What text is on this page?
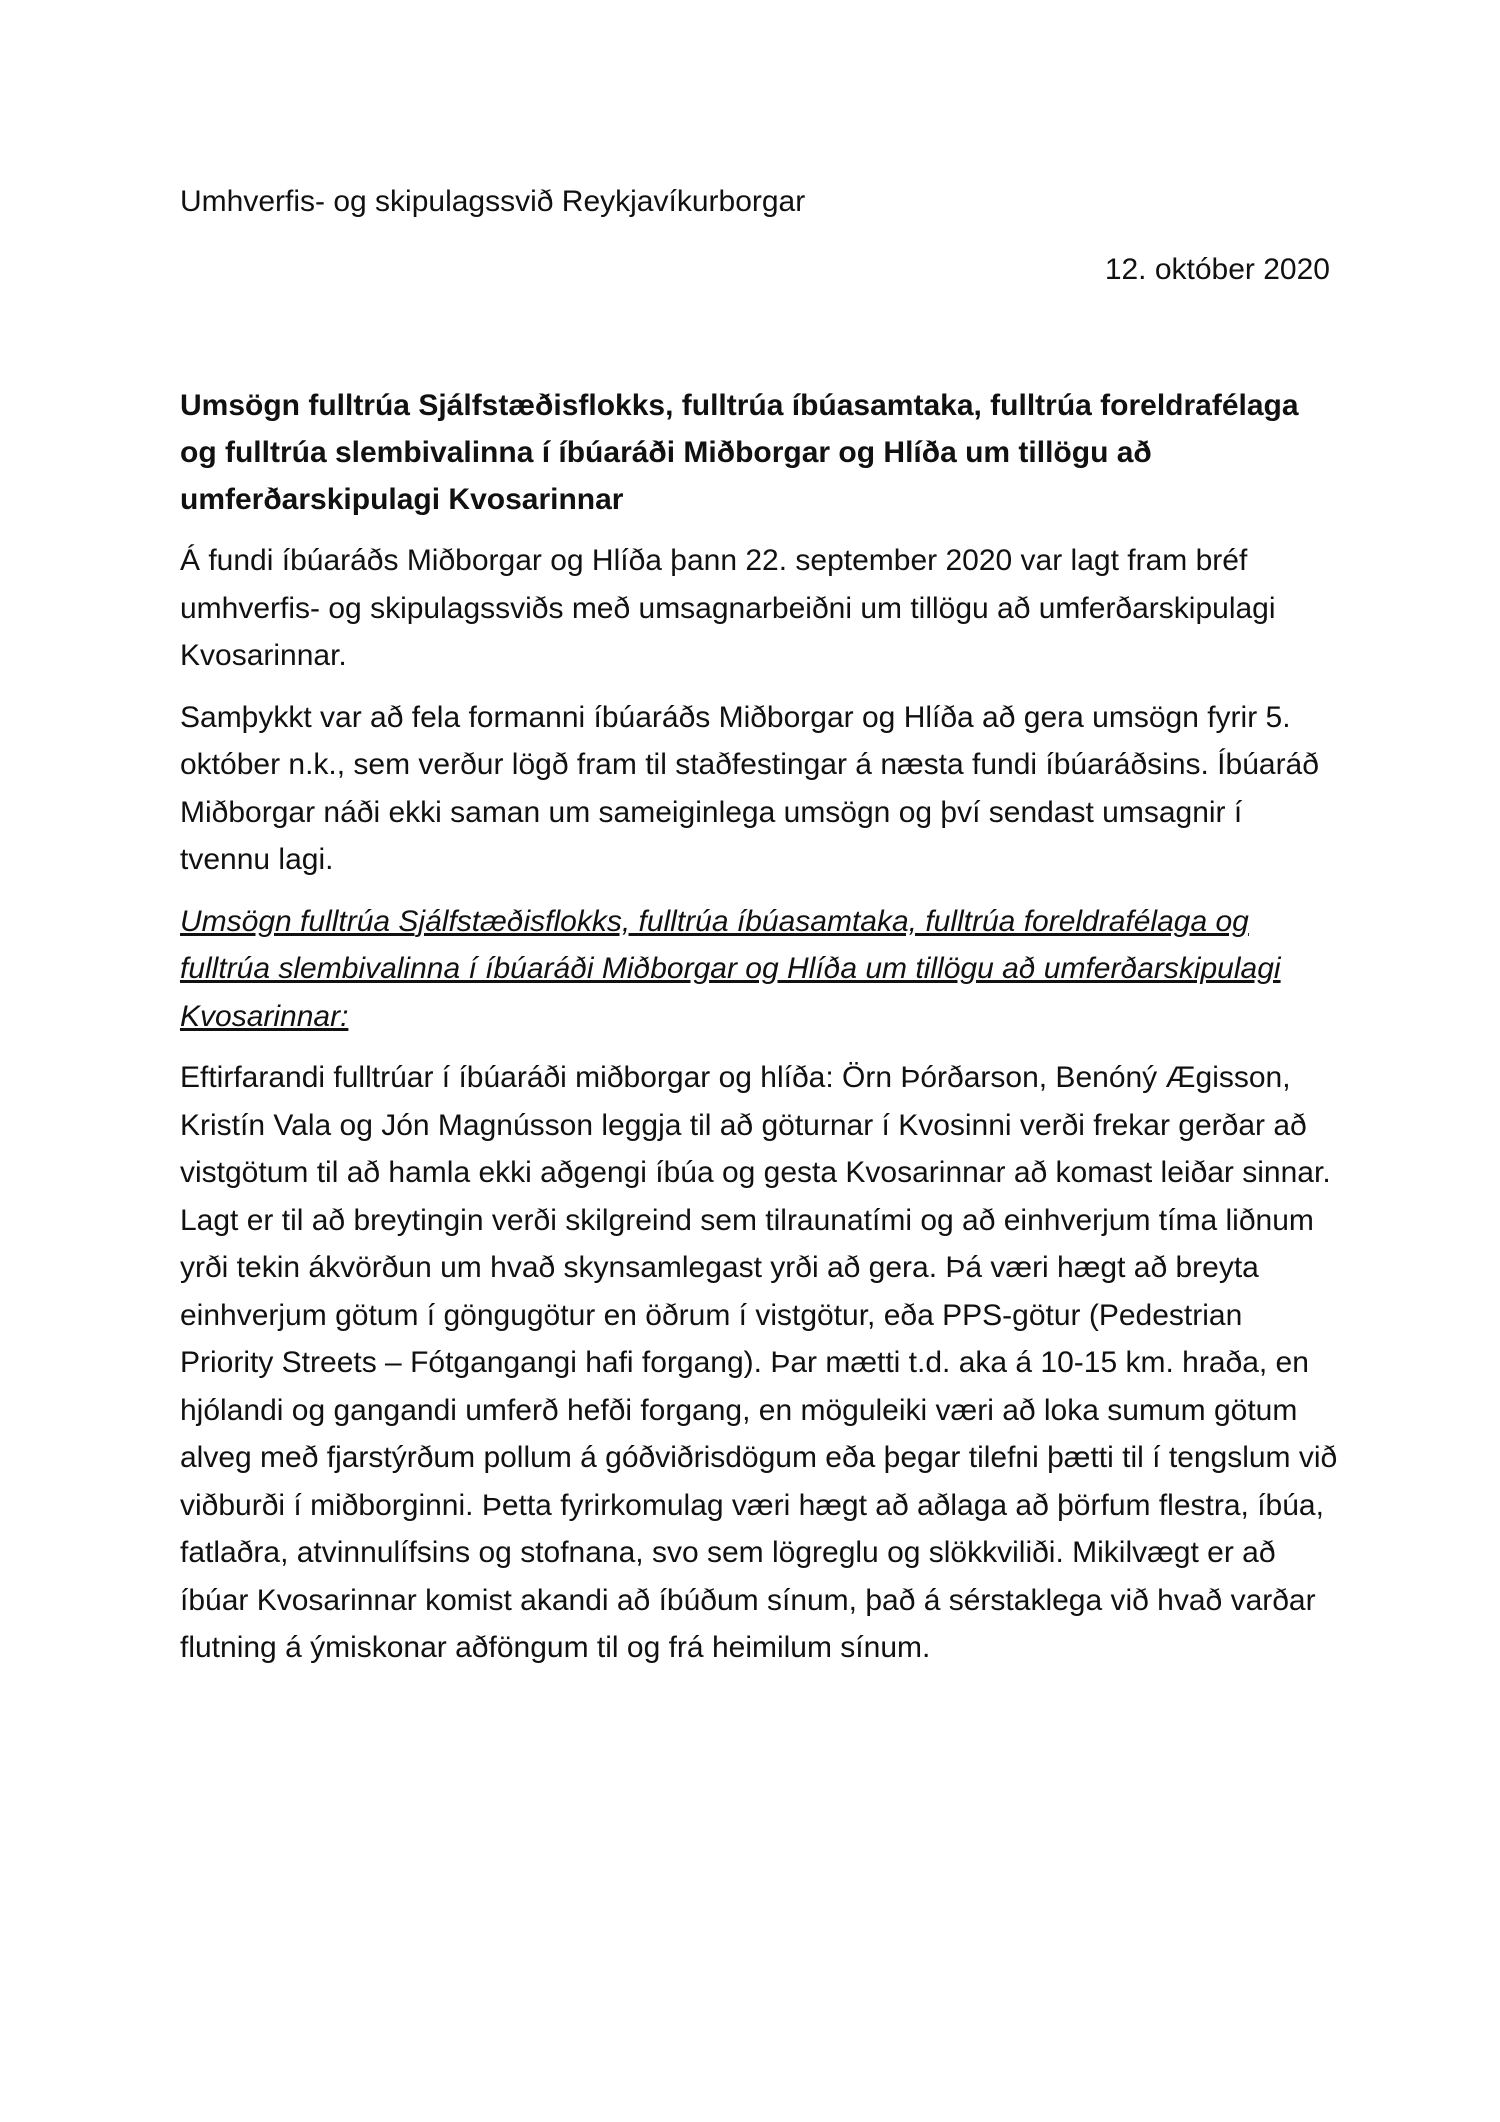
Umhverfis- og skipulagssvið Reykjavíkurborgar
12. október 2020

Umsögn fulltrúa Sjálfstæðisflokks, fulltrúa íbúasamtaka, fulltrúa foreldrafélaga og fulltrúa slembivalinna í íbúaráði Miðborgar og Hlíða um tillögu að umferðarskipulagi Kvosarinnar

Á fundi íbúaráðs Miðborgar og Hlíða þann 22. september 2020 var lagt fram bréf umhverfis- og skipulagssviðs með umsagnarbeiðni um tillögu að umferðarskipulagi Kvosarinnar.

Samþykkt var að fela formanni íbúaráðs Miðborgar og Hlíða að gera umsögn fyrir 5. október n.k., sem verður lögð fram til staðfestingar á næsta fundi íbúaráðsins. Íbúaráð Miðborgar náði ekki saman um sameiginlega umsögn og því sendast umsagnir í tvennu lagi.

Umsögn fulltrúa Sjálfstæðisflokks, fulltrúa íbúasamtaka, fulltrúa foreldrafélaga og fulltrúa slembivalinna í íbúaráði Miðborgar og Hlíða um tillögu að umferðarskipulagi Kvosarinnar:

Eftirfarandi fulltrúar í íbúaráði miðborgar og hlíða: Örn Þórðarson, Benóný Ægisson, Kristín Vala og Jón Magnússon leggja til að göturnar í Kvosinni verði frekar gerðar að vistgötum til að hamla ekki aðgengi íbúa og gesta Kvosarinnar að komast leiðar sinnar. Lagt er til að breytingin verði skilgreind sem tilraunatími og að einhverjum tíma liðnum yrði tekin ákvörðun um hvað skynsamlegast yrði að gera. Þá væri hægt að breyta einhverjum götum í göngugötur en öðrum í vistgötur, eða PPS-götur (Pedestrian Priority Streets – Fótgangangi hafi forgang). Þar mætti t.d. aka á 10-15 km. hraða, en hjólandi og gangandi umferð hefði forgang, en möguleiki væri að loka sumum götum alveg með fjarstýrðum pollum á góðviðrisdögum eða þegar tilefni þætti til í tengslum við viðburði í miðborginni. Þetta fyrirkomulag væri hægt að aðlaga að þörfum flestra, íbúa, fatlaðra, atvinnulífsins og stofnana, svo sem lögreglu og slökkviliði. Mikilvægt er að íbúar Kvosarinnar komist akandi að íbúðum sínum, það á sérstaklega við hvað varðar flutning á ýmiskonar aðföngum til og frá heimilum sínum.
